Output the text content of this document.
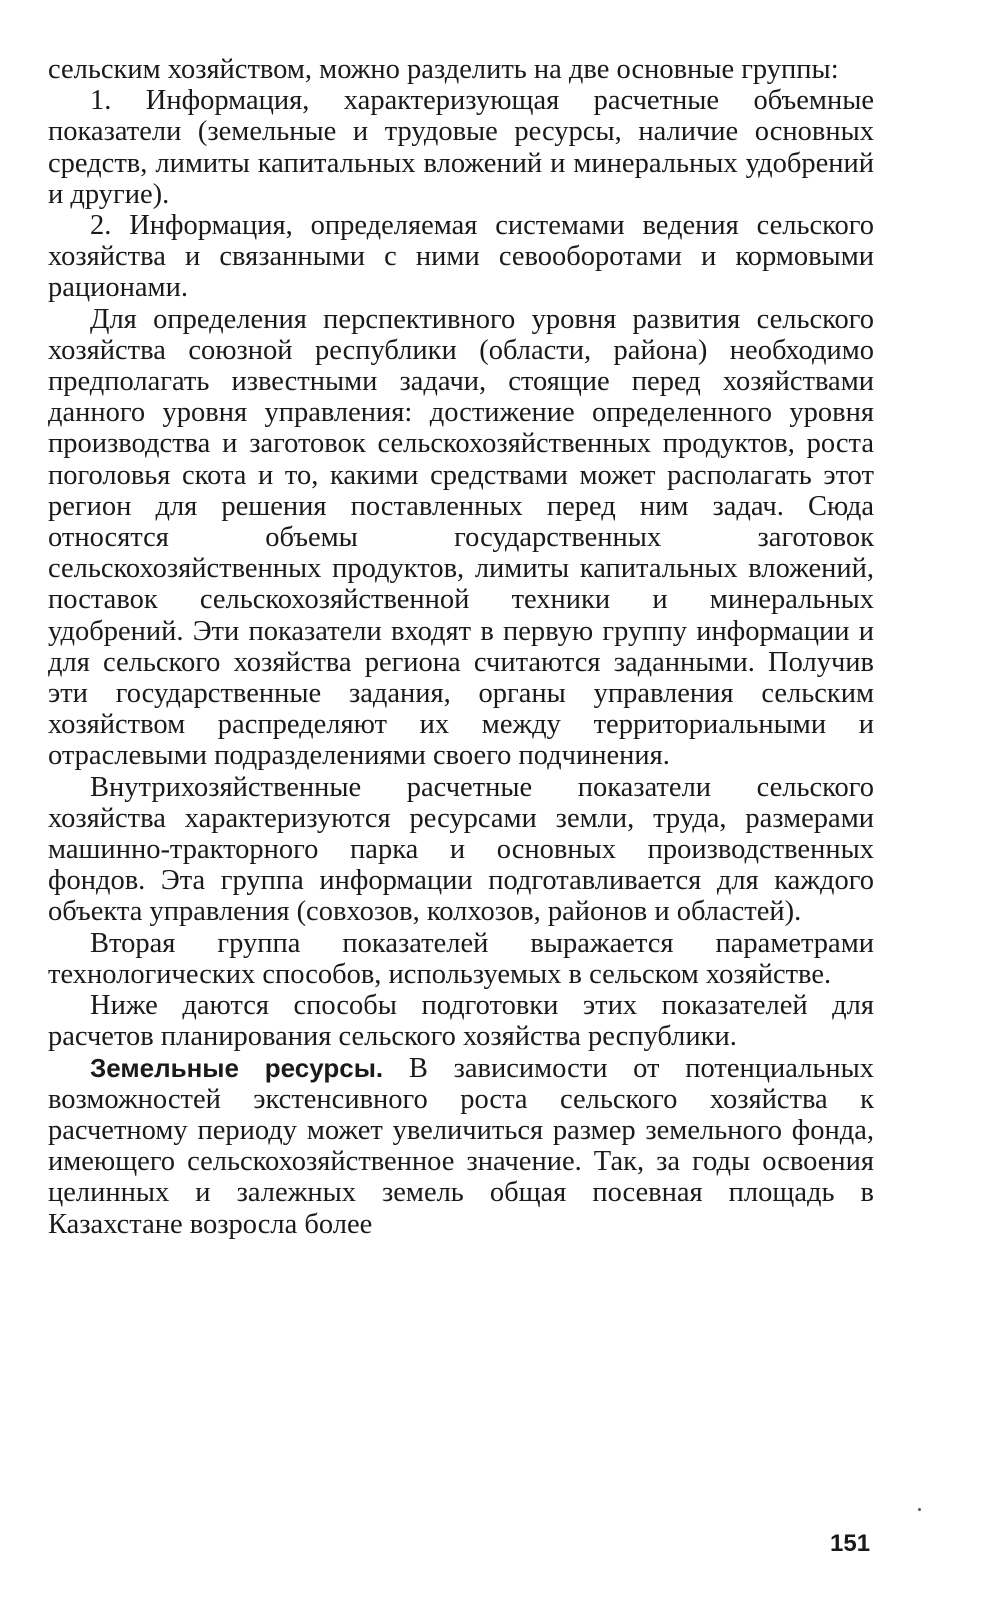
сельским хозяйством, можно разделить на две основные группы:

1. Информация, характеризующая расчетные объемные показатели (земельные и трудовые ресурсы, наличие основных средств, лимиты капитальных вложений и минеральных удобрений и другие).

2. Информация, определяемая системами ведения сельского хозяйства и связанными с ними севооборотами и кормовыми рационами.

Для определения перспективного уровня развития сельского хозяйства союзной республики (области, района) необходимо предполагать известными задачи, стоящие перед хозяйствами данного уровня управления: достижение определенного уровня производства и заготовок сельскохозяйственных продуктов, роста поголовья скота и то, какими средствами может располагать этот регион для решения поставленных перед ним задач. Сюда относятся объемы государственных заготовок сельскохозяйственных продуктов, лимиты капитальных вложений, поставок сельскохозяйственной техники и минеральных удобрений. Эти показатели входят в первую группу информации и для сельского хозяйства региона считаются заданными. Получив эти государственные задания, органы управления сельским хозяйством распределяют их между территориальными и отраслевыми подразделениями своего подчинения.

Внутрихозяйственные расчетные показатели сельского хозяйства характеризуются ресурсами земли, труда, размерами машинно-тракторного парка и основных производственных фондов. Эта группа информации подготавливается для каждого объекта управления (совхозов, колхозов, районов и областей).

Вторая группа показателей выражается параметрами технологических способов, используемых в сельском хозяйстве.

Ниже даются способы подготовки этих показателей для расчетов планирования сельского хозяйства республики.

Земельные ресурсы. В зависимости от потенциальных возможностей экстенсивного роста сельского хозяйства к расчетному периоду может увеличиться размер земельного фонда, имеющего сельскохозяйственное значение. Так, за годы освоения целинных и залежных земель общая посевная площадь в Казахстане возросла более

151
